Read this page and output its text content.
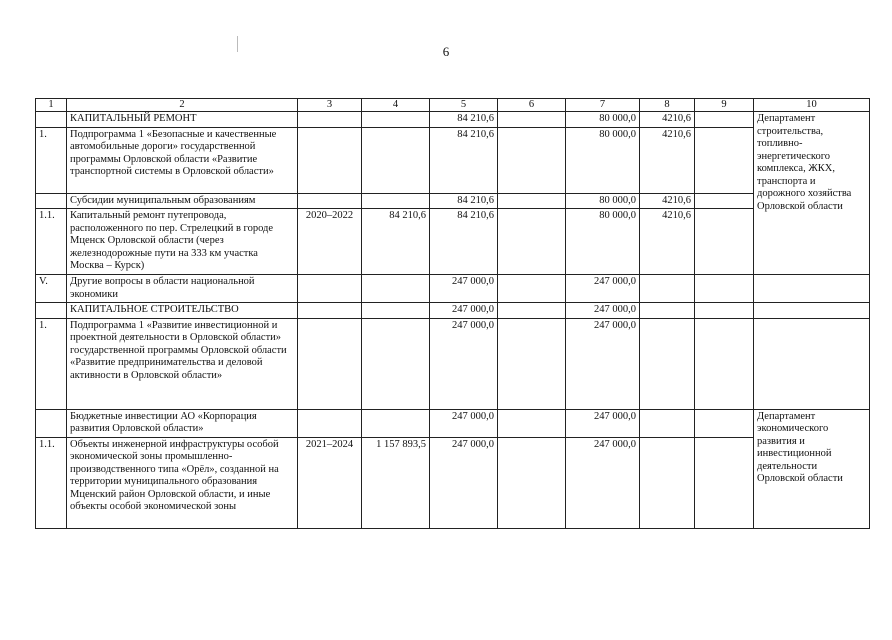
6
1	2	3	4	5	6	7	8	9	10
	КАПИТАЛЬНЫЙ РЕМОНТ			84 210,6		80 000,0	4210,6		Департамент строительства, топливно-энергетического комплекса, ЖКХ, транспорта и дорожного хозяйства Орловской области
1.	Подпрограмма 1 «Безопасные и качественные автомобильные дороги» государственной программы Орловской области «Развитие транспортной системы в Орловской области»			84 210,6		80 000,0	4210,6		
	Субсидии муниципальным образованиям			84 210,6		80 000,0	4210,6		
1.1.	Капитальный ремонт путепровода, расположенного по пер. Стрелецкий в городе Мценск Орловской области (через железнодорожные пути на 333 км участка Москва – Курск)	2020–2022	84 210,6	84 210,6		80 000,0	4210,6		
V.	Другие вопросы в области национальной экономики			247 000,0		247 000,0			
	КАПИТАЛЬНОЕ СТРОИТЕЛЬСТВО			247 000,0		247 000,0			
1.	Подпрограмма 1 «Развитие инвестиционной и проектной деятельности в Орловской области» государственной программы Орловской области «Развитие предпринимательства и деловой активности в Орловской области»			247 000,0		247 000,0			
	Бюджетные инвестиции АО «Корпорация развития Орловской области»			247 000,0		247 000,0			Департамент экономического развития и инвестиционной деятельности Орловской области
1.1.	Объекты инженерной инфраструктуры особой экономической зоны промышленно-производственного типа «Орёл», созданной на территории муниципального образования Мценский район Орловской области, и иные объекты особой экономической зоны	2021–2024	1 157 893,5	247 000,0		247 000,0			
